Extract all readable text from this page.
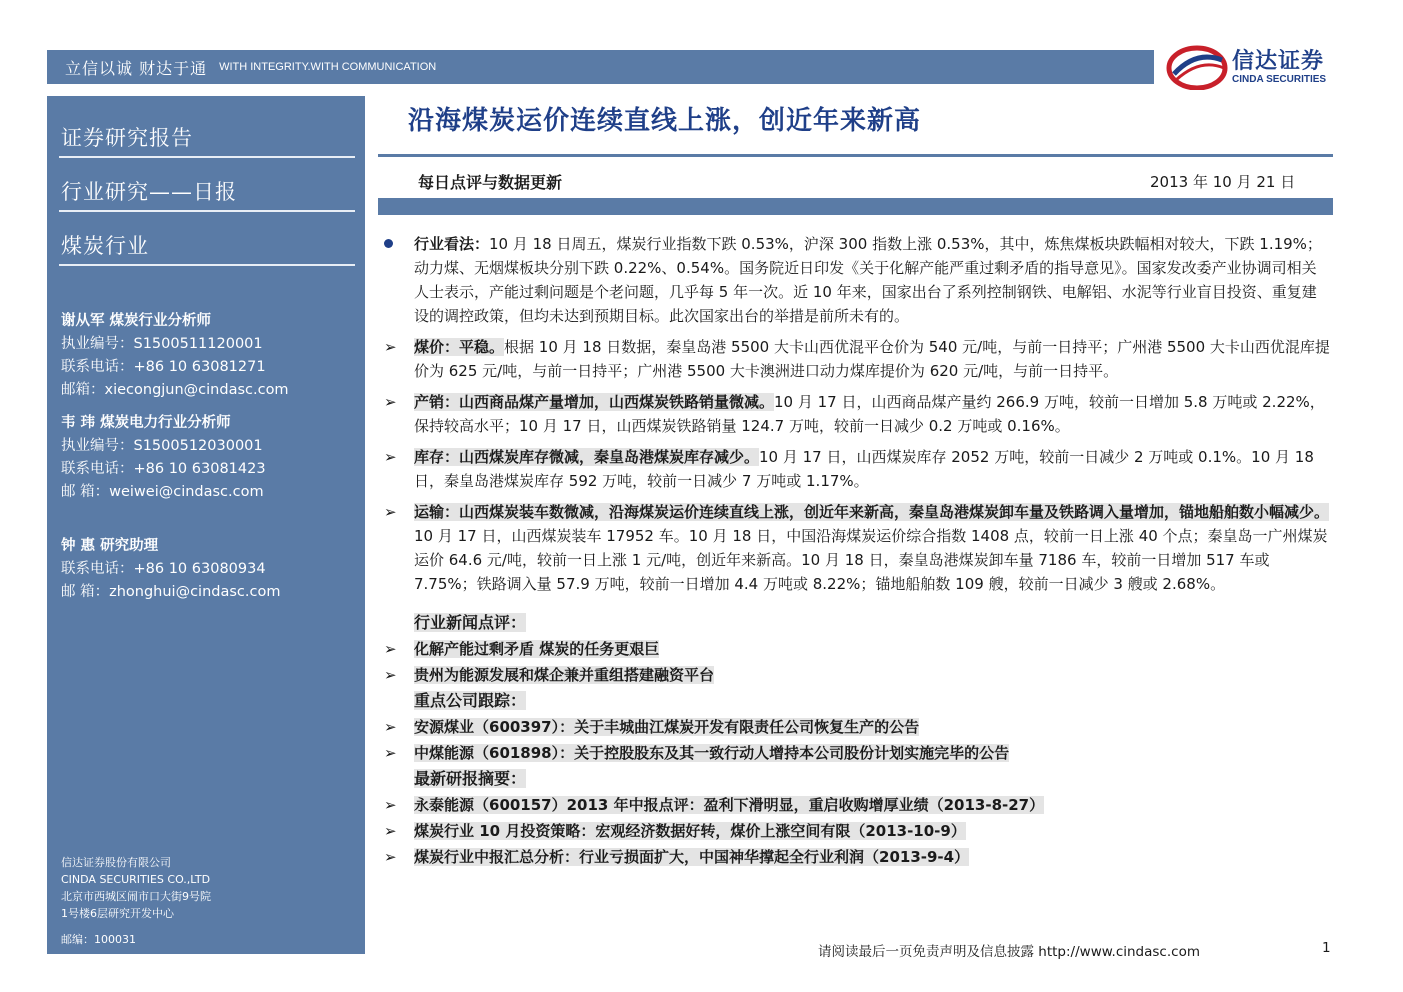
立信以诚 财达于通 WITH INTEGRITY.WITH COMMUNICATION	信达证券
CINDA SECURITIES
证券研究报告
行业研究——日报
煤炭行业
谢从军 煤炭行业分析师
执业编号：S1500511120001
联系电话：+86 10 63081271
邮箱：xiecongjun@cindasc.com
韦 玮 煤炭电力行业分析师
执业编号：S1500512030001
联系电话：+86 10 63081423
邮 箱：weiwei@cindasc.com
钟 惠 研究助理
联系电话：+86 10 63080934
邮 箱：zhonghui@cindasc.com
信达证券股份有限公司
CINDA SECURITIES CO.,LTD
北京市西城区闹市口大街9号院
1号楼6层研究开发中心
邮编：100031
沿海煤炭运价连续直线上涨，创近年来新高
每日点评与数据更新	2013 年 10 月 21 日
行业看法：10 月 18 日周五，煤炭行业指数下跌 0.53%，沪深 300 指数上涨 0.53%，其中，炼焦煤板块跌幅相对较大，下跌 1.19%；动力煤、无烟煤板块分别下跌 0.22%、0.54%。国务院近日印发《关于化解产能严重过剩矛盾的指导意见》。国家发改委产业协调司相关人士表示，产能过剩问题是个老问题，几乎每 5 年一次。近 10 年来，国家出台了系列控制钢铁、电解铝、水泥等行业盲目投资、重复建设的调控政策，但均未达到预期目标。此次国家出台的举措是前所未有的。
➢ 煤价：平稳。根据 10 月 18 日数据，秦皇岛港 5500 大卡山西优混平仓价为 540 元/吨，与前一日持平；广州港 5500 大卡山西优混库提价为 625 元/吨，与前一日持平；广州港 5500 大卡澳洲进口动力煤库提价为 620 元/吨，与前一日持平。
➢ 产销：山西商品煤产量增加，山西煤炭铁路销量微减。10 月 17 日，山西商品煤产量约 266.9 万吨，较前一日增加 5.8 万吨或 2.22%，保持较高水平；10 月 17 日，山西煤炭铁路销量 124.7 万吨，较前一日减少 0.2 万吨或 0.16%。
➢ 库存：山西煤炭库存微减，秦皇岛港煤炭库存减少。10 月 17 日，山西煤炭库存 2052 万吨，较前一日减少 2 万吨或 0.1%。10 月 18 日，秦皇岛港煤炭库存 592 万吨，较前一日减少 7 万吨或 1.17%。
➢ 运输：山西煤炭装车数微减，沿海煤炭运价连续直线上涨，创近年来新高，秦皇岛港煤炭卸车量及铁路调入量增加，锚地船舶数小幅减少。10 月 17 日，山西煤炭装车 17952 车。10 月 18 日，中国沿海煤炭运价综合指数 1408 点，较前一日上涨 40 个点；秦皇岛一广州煤炭运价 64.6 元/吨，较前一日上涨 1 元/吨，创近年来新高。10 月 18 日，秦皇岛港煤炭卸车量 7186 车，较前一日增加 517 车或 7.75%；铁路调入量 57.9 万吨，较前一日增加 4.4 万吨或 8.22%；锚地船舶数 109 艘，较前一日减少 3 艘或 2.68%。
行业新闻点评：
➢ 化解产能过剩矛盾 煤炭的任务更艰巨
➢ 贵州为能源发展和煤企兼并重组搭建融资平台
重点公司跟踪：
➢ 安源煤业（600397）：关于丰城曲江煤炭开发有限责任公司恢复生产的公告
➢ 中煤能源（601898）：关于控股股东及其一致行动人增持本公司股份计划实施完毕的公告
最新研报摘要：
➢ 永泰能源（600157）2013 年中报点评：盈利下滑明显，重启收购增厚业绩（2013-8-27）
➢ 煤炭行业 10 月投资策略：宏观经济数据好转，煤价上涨空间有限（2013-10-9）
➢ 煤炭行业中报汇总分析：行业亏损面扩大，中国神华撑起全行业利润（2013-9-4）
请阅读最后一页免责声明及信息披露 http://www.cindasc.com	1
